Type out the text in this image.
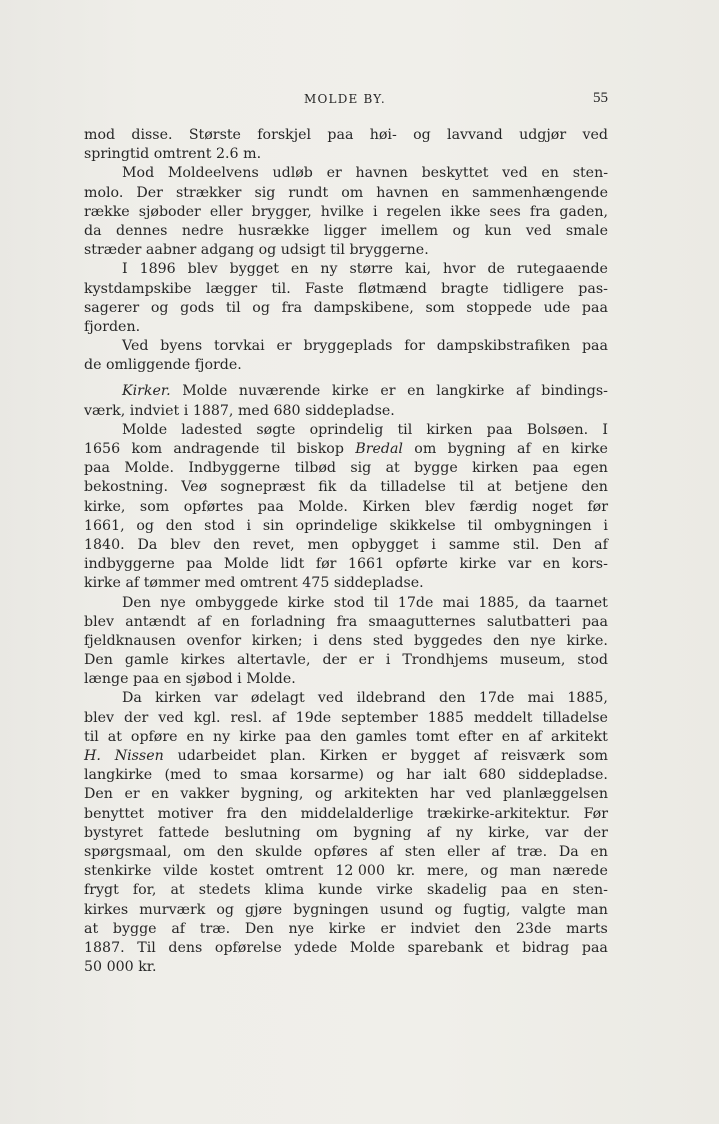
MOLDE BY.	55
mod disse. Største forskjel paa høi- og lavvand udgjør ved
springtid omtrent 2.6 m.
Mod Moldeelvens udløb er havnen beskyttet ved en sten-
molo. Der strækker sig rundt om havnen en sammenhængende
række sjøboder eller brygger, hvilke i regelen ikke sees fra gaden,
da dennes nedre husrække ligger imellem og kun ved smale
stræder aabner adgang og udsigt til bryggerne.
I 1896 blev bygget en ny større kai, hvor de rutegaaende
kystdampskibe lægger til. Faste fløtmænd bragte tidligere pas-
sagerer og gods til og fra dampskibene, som stoppede ude paa
fjorden.
Ved byens torvkai er bryggeplads for dampskibstrafiken paa
de omliggende fjorde.
Kirker. Molde nuværende kirke er en langkirke af bindings-
værk, indviet i 1887, med 680 siddepladse.
Molde ladested søgte oprindelig til kirken paa Bolsøen. I
1656 kom andragende til biskop Bredal om bygning af en kirke
paa Molde. Indbyggerne tilbød sig at bygge kirken paa egen
bekostning. Veø sognepræst fik da tilladelse til at betjene den
kirke, som opførtes paa Molde. Kirken blev færdig noget før
1661, og den stod i sin oprindelige skikkelse til ombygningen i
1840. Da blev den revet, men opbygget i samme stil. Den af
indbyggerne paa Molde lidt før 1661 opførte kirke var en kors-
kirke af tømmer med omtrent 475 siddepladse.
Den nye ombyggede kirke stod til 17de mai 1885, da taarnet
blev antændt af en forladning fra smaagutternes salutbatteri paa
fjeldknausen ovenfor kirken; i dens sted byggedes den nye kirke.
Den gamle kirkes altertavle, der er i Trondhjems museum, stod
længe paa en sjøbod i Molde.
Da kirken var ødelagt ved ildebrand den 17de mai 1885,
blev der ved kgl. resl. af 19de september 1885 meddelt tilladelse
til at opføre en ny kirke paa den gamles tomt efter en af arkitekt
H. Nissen udarbeidet plan. Kirken er bygget af reisværk som
langkirke (med to smaa korsarme) og har ialt 680 siddepladse.
Den er en vakker bygning, og arkitekten har ved planlæggelsen
benyttet motiver fra den middelalderlige trækirke-arkitektur. Før
bystyret fattede beslutning om bygning af ny kirke, var der
spørgsmaal, om den skulde opføres af sten eller af træ. Da en
stenkirke vilde kostet omtrent 12 000 kr. mere, og man nærede
frygt for, at stedets klima kunde virke skadelig paa en sten-
kirkes murværk og gjøre bygningen usund og fugtig, valgte man
at bygge af træ. Den nye kirke er indviet den 23de marts
1887. Til dens opførelse ydede Molde sparebank et bidrag paa
50 000 kr.
